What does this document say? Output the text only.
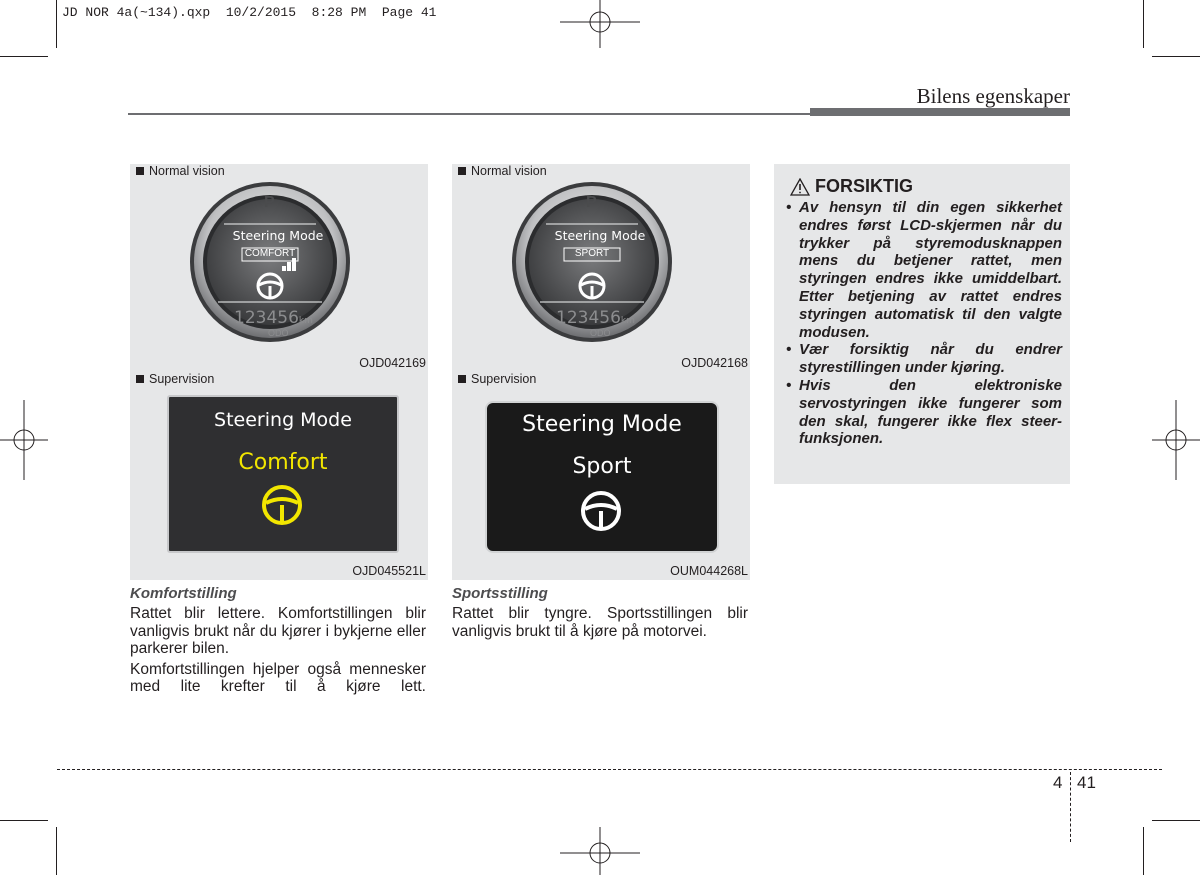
JD NOR 4a(~134).qxp  10/2/2015  8:28 PM  Page 41
Bilens egenskaper
Normal vision
P
Steering Mode
COMFORT
123456km
ODO
OJD042169
Normal vision
P
Steering Mode
SPORT
123456km
ODO
OJD042168
Supervision
Steering Mode
Comfort
OJD045521L
Supervision
Steering Mode
Sport
OUM044268L
Komfortstilling

Rattet blir lettere. Komfortstillingen blir vanligvis brukt når du kjører i bykjerne eller parkerer bilen.

Komfortstillingen hjelper også mennesker med lite krefter til å kjøre lett.

Sportsstilling

Rattet blir tyngre. Sportsstillingen blir vanligvis brukt til å kjøre på motorvei.

FORSIKTIG
• Av hensyn til din egen sikkerhet endres først LCD-skjermen når du trykker på styremodusknappen mens du betjener rattet, men styringen endres ikke umiddelbart. Etter betjening av rattet endres styringen automatisk til den valgte modusen.
• Vær forsiktig når du endrer styrestillingen under kjøring.
• Hvis den elektroniske servostyringen ikke fungerer som den skal, fungerer ikke flex steer-funksjonen.
4 41
